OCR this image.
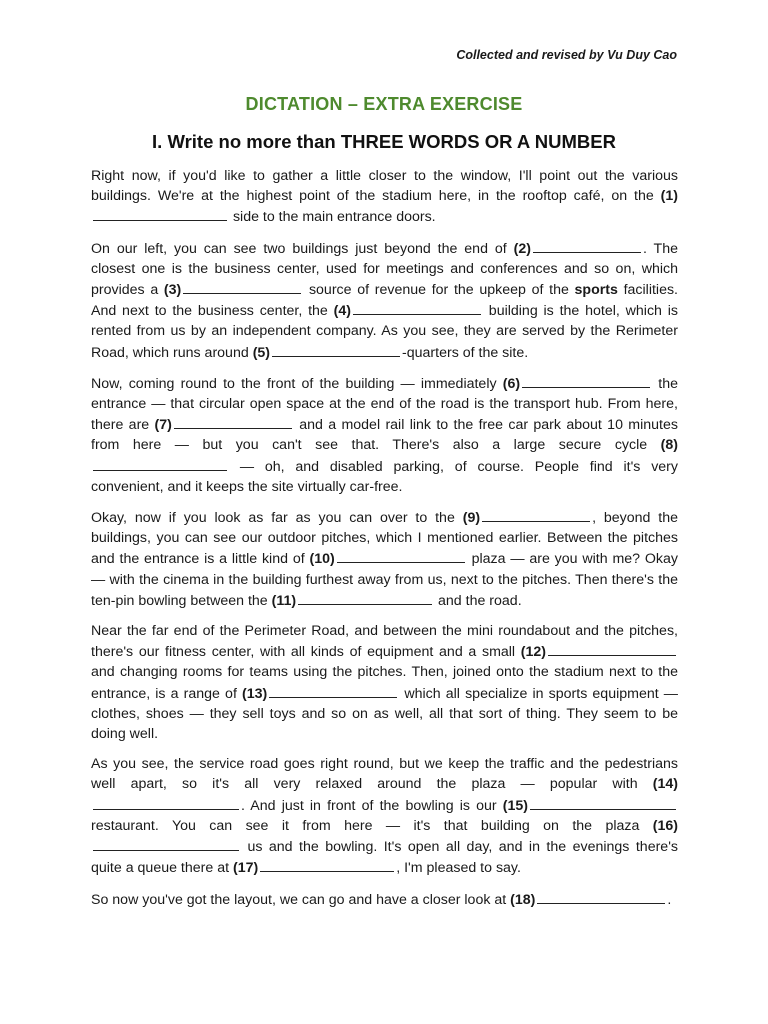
Collected and revised by Vu Duy Cao
DICTATION – EXTRA EXERCISE
I. Write no more than THREE WORDS OR A NUMBER

Right now, if you'd like to gather a little closer to the window, I'll point out the various buildings. We're at the highest point of the stadium here, in the rooftop café, on the (1) side to the main entrance doors.

On our left, you can see two buildings just beyond the end of (2)	. The closest one is the business center, used for meetings and conferences and so on, which provides a (3)	source of revenue for the upkeep of the sports facilities. And next to the business center, the (4)	building is the hotel, which is rented from us by an independent company. As you see, they are served by the Rerimeter Road, which runs around (5)	-quarters of the site.

Now, coming round to the front of the building — immediately (6)	the entrance — that circular open space at the end of the road is the transport hub. From here, there are (7)	and a model rail link to the free car park about 10 minutes from here — but you can't see that. There's also a large secure cycle (8) — oh, and disabled parking, of course. People find it's very convenient, and it keeps the site virtually car-free.

Okay, now if you look as far as you can over to the (9)	, beyond the buildings, you can see our outdoor pitches, which I mentioned earlier. Between the pitches and the entrance is a little kind of (10)	plaza — are you with me? Okay — with the cinema in the building furthest away from us, next to the pitches. Then there's the ten-pin bowling between the (11)	and the road.

Near the far end of the Perimeter Road, and between the mini roundabout and the pitches, there's our fitness center, with all kinds of equipment and a small (12) and changing rooms for teams using the pitches. Then, joined onto the stadium next to the entrance, is a range of (13)	which all specialize in sports equipment — clothes, shoes — they sell toys and so on as well, all that sort of thing. They seem to be doing well.

As you see, the service road goes right round, but we keep the traffic and the pedestrians well apart, so it's all very relaxed around the plaza — popular with (14). And just in front of the bowling is our (15) restaurant. You can see it from here — it's that building on the plaza (16) us and the bowling. It's open all day, and in the evenings there's quite a queue there at (17)	, I'm pleased to say.

So now you've got the layout, we can go and have a closer look at (18)	.
